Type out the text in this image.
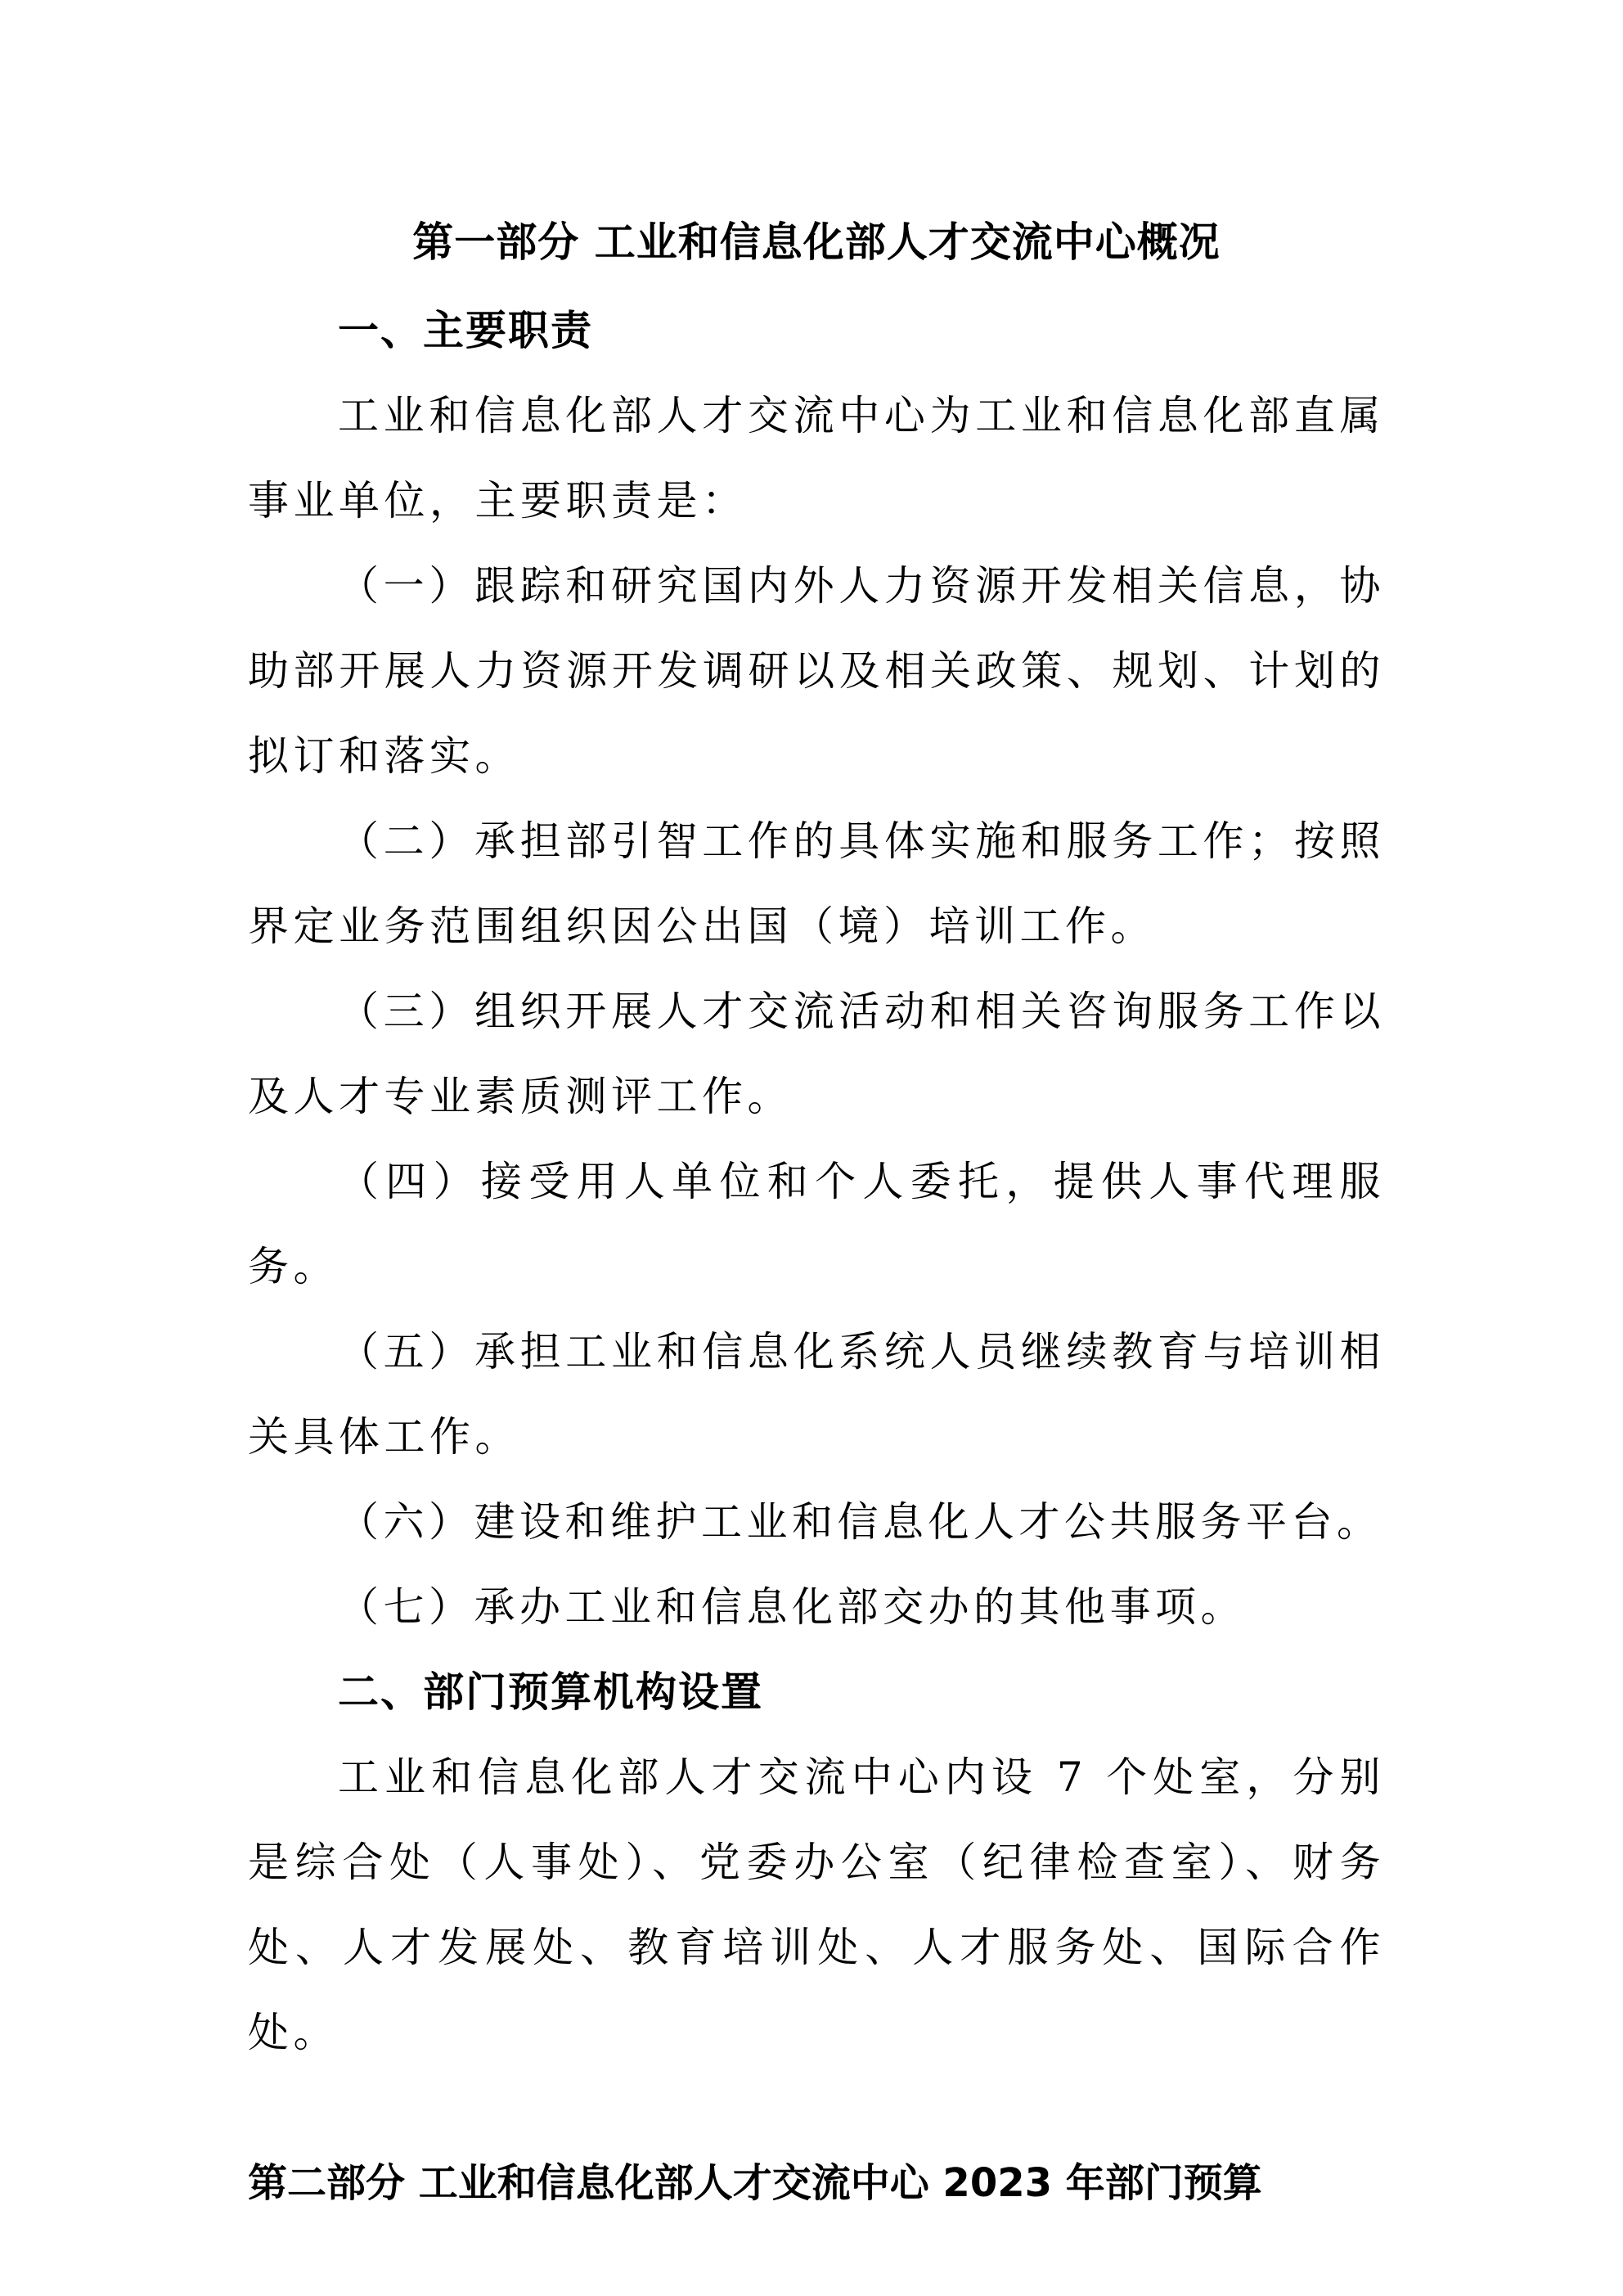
第一部分 工业和信息化部人才交流中心概况
一、主要职责

工业和信息化部人才交流中心为工业和信息化部直属事业单位，主要职责是：

（一）跟踪和研究国内外人力资源开发相关信息，协助部开展人力资源开发调研以及相关政策、规划、计划的拟订和落实。

（二）承担部引智工作的具体实施和服务工作；按照界定业务范围组织因公出国（境）培训工作。

（三）组织开展人才交流活动和相关咨询服务工作以及人才专业素质测评工作。

（四）接受用人单位和个人委托，提供人事代理服务。

（五）承担工业和信息化系统人员继续教育与培训相关具体工作。

（六）建设和维护工业和信息化人才公共服务平台。

（七）承办工业和信息化部交办的其他事项。

二、部门预算机构设置

工业和信息化部人才交流中心内设 7 个处室，分别是综合处（人事处）、党委办公室（纪律检查室）、财务处、人才发展处、教育培训处、人才服务处、国际合作处。

第二部分 工业和信息化部人才交流中心 2023 年部门预算
